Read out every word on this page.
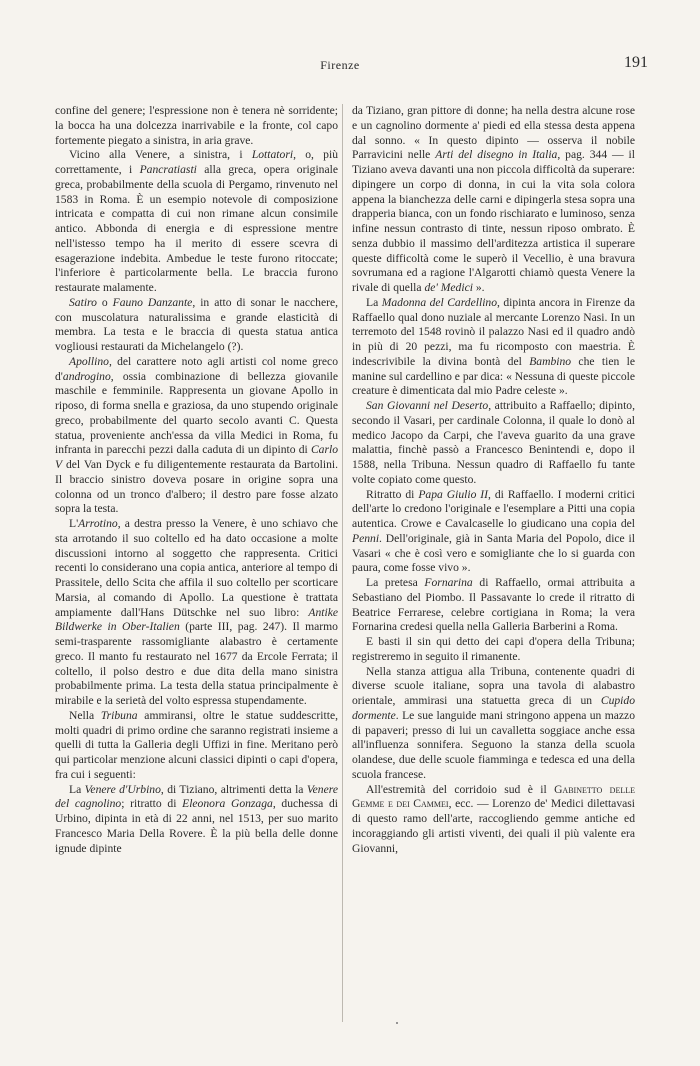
Firenze	191

confine del genere; l'espressione non è tenera nè sorridente; la bocca ha una dolcezza inarrivabile e la fronte, col capo fortemente piegato a sinistra, in aria grave.

Vicino alla Venere, a sinistra, i Lottatori, o, più correttamente, i Pancratiasti alla greca, opera originale greca, probabilmente della scuola di Pergamo, rinvenuto nel 1583 in Roma. È un esempio notevole di composizione intricata e compatta di cui non rimane alcun consimile antico. Abbonda di energia e di espressione mentre nell'istesso tempo ha il merito di essere scevra di esagerazione indebita. Ambedue le teste furono ritoccate; l'inferiore è particolarmente bella. Le braccia furono restaurate malamente.

Satiro o Fauno Danzante, in atto di sonar le nacchere, con muscolatura naturalissima e grande elasticità di membra. La testa e le braccia di questa statua antica vogliousi restaurati da Michelangelo (?).

Apollino, del carattere noto agli artisti col nome greco d'androgino, ossia combinazione di bellezza giovanile maschile e femminile. Rappresenta un giovane Apollo in riposo, di forma snella e graziosa, da uno stupendo originale greco, probabilmente del quarto secolo avanti C. Questa statua, proveniente anch'essa da villa Medici in Roma, fu infranta in parecchi pezzi dalla caduta di un dipinto di Carlo V del Van Dyck e fu diligentemente restaurata da Bartolini. Il braccio sinistro doveva posare in origine sopra una colonna od un tronco d'albero; il destro pare fosse alzato sopra la testa.

L'Arrotino, a destra presso la Venere, è uno schiavo che sta arrotando il suo coltello ed ha dato occasione a molte discussioni intorno al soggetto che rappresenta. Critici recenti lo considerano una copia antica, anteriore al tempo di Prassitele, dello Scita che affila il suo coltello per scorticare Marsia, al comando di Apollo. La questione è trattata ampiamente dall'Hans Dütschke nel suo libro: Antike Bildwerke in Ober-Italien (parte III, pag. 247). Il marmo semi-trasparente rassomigliante alabastro è certamente greco. Il manto fu restaurato nel 1677 da Ercole Ferrata; il coltello, il polso destro e due dita della mano sinistra probabilmente prima. La testa della statua principalmente è mirabile e la serietà del volto espressa stupendamente.

Nella Tribuna ammiransi, oltre le statue suddescritte, molti quadri di primo ordine che saranno registrati insieme a quelli di tutta la Galleria degli Uffizi in fine. Meritano però qui particolar menzione alcuni classici dipinti o capi d'opera, fra cui i seguenti:

La Venere d'Urbino, di Tiziano, altrimenti detta la Venere del cagnolino; ritratto di Eleonora Gonzaga, duchessa di Urbino, dipinta in età di 22 anni, nel 1513, per suo marito Francesco Maria Della Rovere. È la più bella delle donne ignude dipinte

da Tiziano, gran pittore di donne; ha nella destra alcune rose e un cagnolino dormente a' piedi ed ella stessa desta appena dal sonno. « In questo dipinto — osserva il nobile Parravicini nelle Arti del disegno in Italia, pag. 344 — il Tiziano aveva davanti una non piccola difficoltà da superare: dipingere un corpo di donna, in cui la vita sola colora appena la bianchezza delle carni e dipingerla stesa sopra una drapperia bianca, con un fondo rischiarato e luminoso, senza infine nessun contrasto di tinte, nessun riposo ombrato. È senza dubbio il massimo dell'arditezza artistica il superare queste difficoltà come le superò il Vecellio, è una bravura sovrumana ed a ragione l'Algarotti chiamò questa Venere la rivale di quella de' Medici ».

La Madonna del Cardellino, dipinta ancora in Firenze da Raffaello qual dono nuziale al mercante Lorenzo Nasi. In un terremoto del 1548 rovinò il palazzo Nasi ed il quadro andò in più di 20 pezzi, ma fu ricomposto con maestria. È indescrivibile la divina bontà del Bambino che tien le manine sul cardellino e par dica: « Nessuna di queste piccole creature è dimenticata dal mio Padre celeste ».

San Giovanni nel Deserto, attribuito a Raffaello; dipinto, secondo il Vasari, per cardinale Colonna, il quale lo donò al medico Jacopo da Carpi, che l'aveva guarito da una grave malattia, finchè passò a Francesco Benintendi e, dopo il 1588, nella Tribuna. Nessun quadro di Raffaello fu tante volte copiato come questo.

Ritratto di Papa Giulio II, di Raffaello. I moderni critici dell'arte lo credono l'originale e l'esemplare a Pitti una copia autentica. Crowe e Cavalcaselle lo giudicano una copia del Penni. Dell'originale, già in Santa Maria del Popolo, dice il Vasari « che è così vero e somigliante che lo si guarda con paura, come fosse vivo ».

La pretesa Fornarina di Raffaello, ormai attribuita a Sebastiano del Piombo. Il Passavante lo crede il ritratto di Beatrice Ferrarese, celebre cortigiana in Roma; la vera Fornarina credesi quella nella Galleria Barberini a Roma.

E basti il sin qui detto dei capi d'opera della Tribuna; registreremo in seguito il rimanente.

Nella stanza attigua alla Tribuna, contenente quadri di diverse scuole italiane, sopra una tavola di alabastro orientale, ammirasi una statuetta greca di un Cupido dormente. Le sue languide mani stringono appena un mazzo di papaveri; presso di lui un cavalletta soggiace anche essa all'influenza sonnifera. Seguono la stanza della scuola olandese, due delle scuole fiamminga e tedesca ed una della scuola francese.

All'estremità del corridoio sud è il Gabinetto delle Gemme e dei Cammei, ecc. — Lorenzo de' Medici dilettavasi di questo ramo dell'arte, raccogliendo gemme antiche ed incoraggiando gli artisti viventi, dei quali il più valente era Giovanni,
